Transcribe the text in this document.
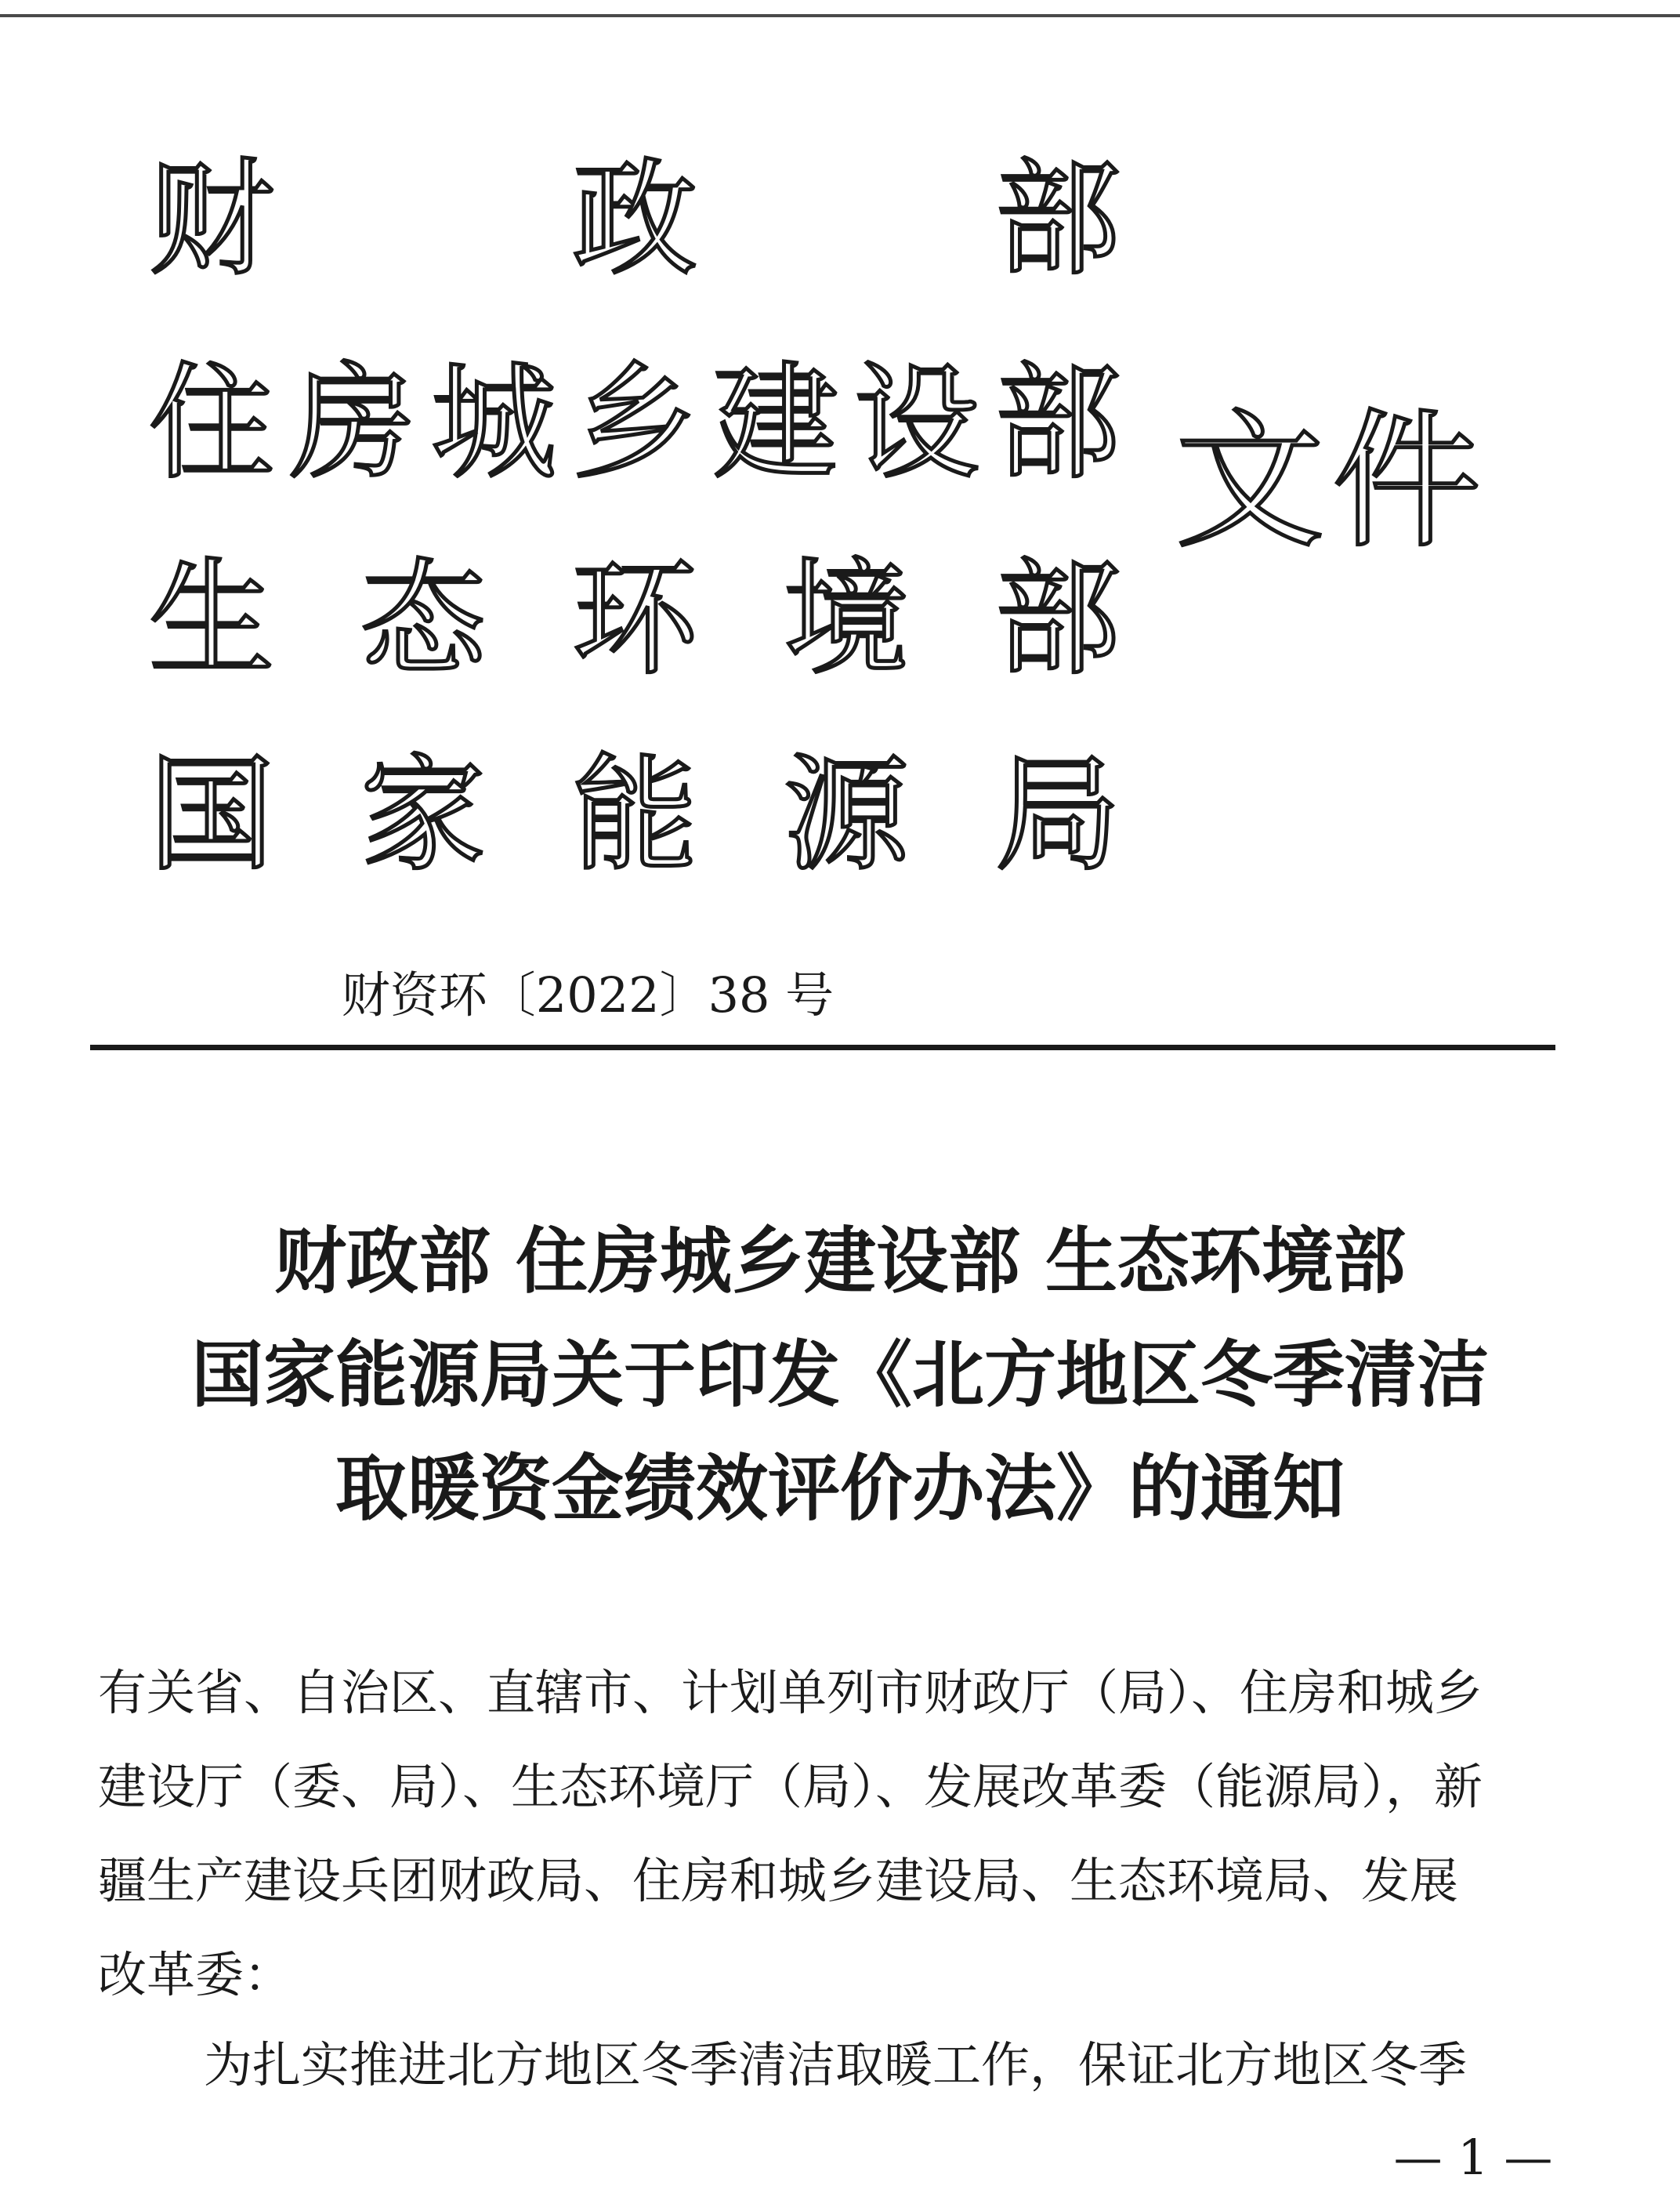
财 政 部
住 房 城 乡 建 设 部
生 态 环 境 部
国 家 能 源 局
文件
财资环〔2022〕38 号
财政部 住房城乡建设部 生态环境部
国家能源局关于印发《北方地区冬季清洁
取暖资金绩效评价办法》的通知
有关省、自治区、直辖市、计划单列市财政厅（局）、住房和城乡
建设厅（委、局）、生态环境厅（局）、发展改革委（能源局），新
疆生产建设兵团财政局、住房和城乡建设局、生态环境局、发展
改革委：
为扎实推进北方地区冬季清洁取暖工作，保证北方地区冬季
— 1 —
